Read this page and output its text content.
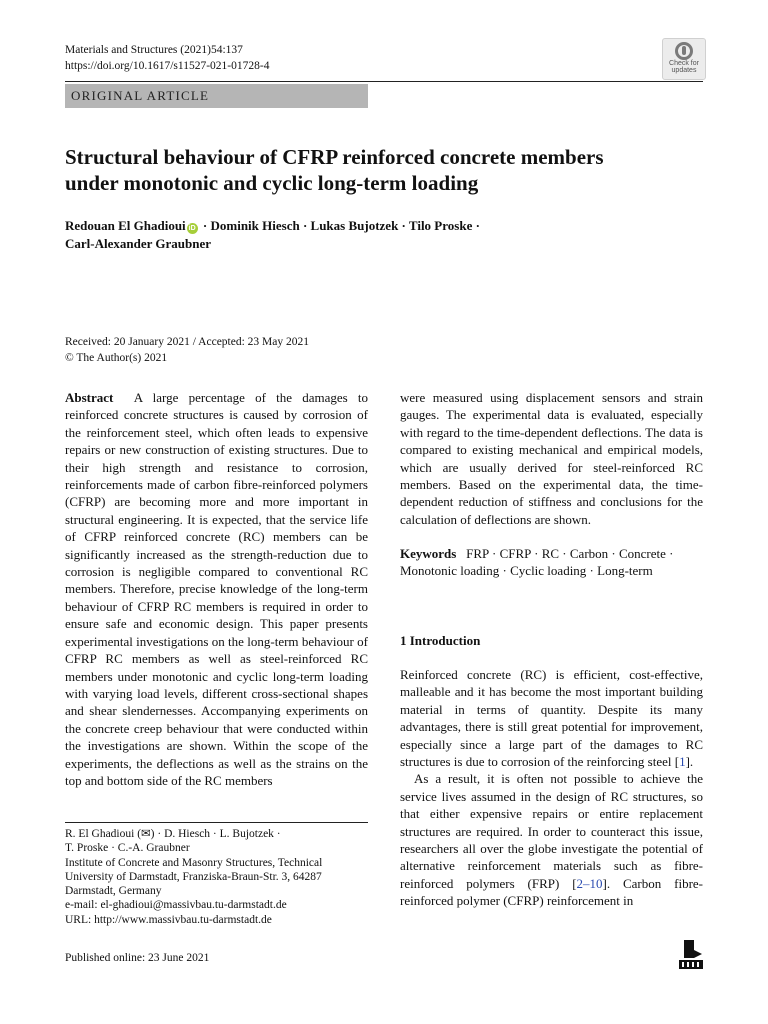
Materials and Structures (2021)54:137
https://doi.org/10.1617/s11527-021-01728-4	Check for
updates
ORIGINAL ARTICLE
Structural behaviour of CFRP reinforced concrete members
under monotonic and cyclic long-term loading
Redouan El Ghadioui iD · Dominik Hiesch · Lukas Bujotzek · Tilo Proske ·
Carl-Alexander Graubner
Received: 20 January 2021 / Accepted: 23 May 2021
© The Author(s) 2021
Abstract A large percentage of the damages to reinforced concrete structures is caused by corrosion of the reinforcement steel, which often leads to expensive repairs or new construction of existing structures. Due to their high strength and resistance to corrosion, reinforcements made of carbon fibre-reinforced polymers (CFRP) are becoming more and more important in structural engineering. It is expected, that the service life of CFRP reinforced concrete (RC) members can be significantly increased as the strength-reduction due to corrosion is negligible compared to conventional RC members. Therefore, precise knowledge of the long-term behaviour of CFRP RC members is required in order to ensure safe and economic design. This paper presents experimental investigations on the long-term behaviour of CFRP RC members as well as steel-reinforced RC members under monotonic and cyclic long-term loading with varying load levels, different cross-sectional shapes and shear slendernesses. Accompanying experiments on the concrete creep behaviour that were conducted within the investigations are shown. Within the scope of the experiments, the deflections as well as the strains on the top and bottom side of the RC members
were measured using displacement sensors and strain gauges. The experimental data is evaluated, especially with regard to the time-dependent deflections. The data is compared to existing mechanical and empirical models, which are usually derived for steel-reinforced RC members. Based on the experimental data, the time-dependent reduction of stiffness and conclusions for the calculation of deflections are shown.
Keywords FRP · CFRP · RC · Carbon · Concrete · Monotonic loading · Cyclic loading · Long-term
1 Introduction
Reinforced concrete (RC) is efficient, cost-effective, malleable and it has become the most important building material in terms of quantity. Despite its many advantages, there is still great potential for improvement, especially since a large part of the damages to RC structures is due to corrosion of the reinforcing steel [1].
As a result, it is often not possible to achieve the service lives assumed in the design of RC structures, so that either expensive repairs or entire replacement structures are required. In order to counteract this issue, researchers all over the globe investigate the potential of alternative reinforcement materials such as fibre-reinforced polymers (FRP) [2–10]. Carbon fibre-reinforced polymer (CFRP) reinforcement in
R. El Ghadioui (✉) · D. Hiesch · L. Bujotzek ·
T. Proske · C.-A. Graubner
Institute of Concrete and Masonry Structures, Technical University of Darmstadt, Franziska-Braun-Str. 3, 64287 Darmstadt, Germany
e-mail: el-ghadioui@massivbau.tu-darmstadt.de
URL: http://www.massivbau.tu-darmstadt.de
Published online: 23 June 2021
